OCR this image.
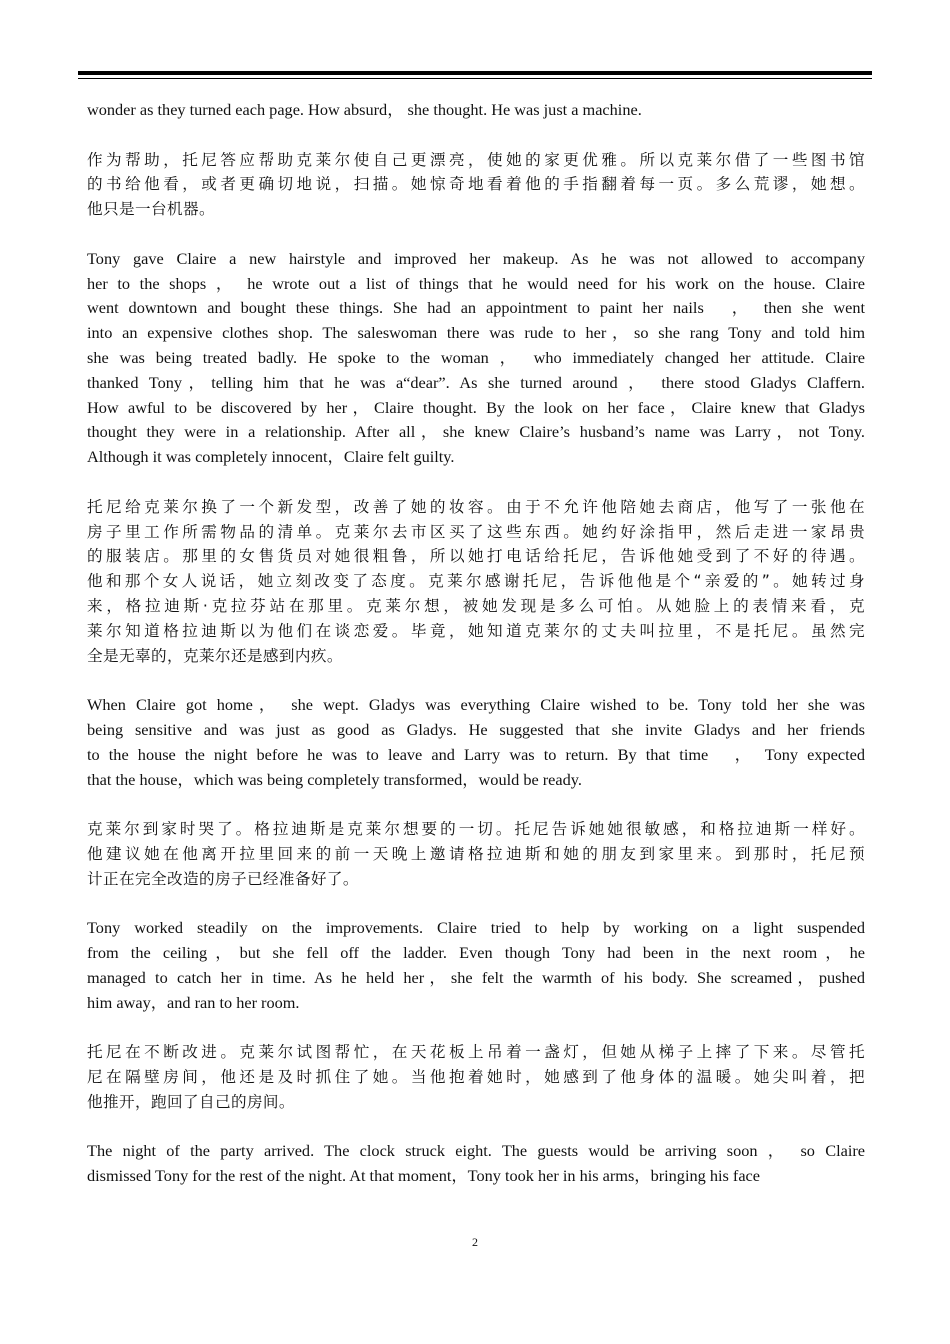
wonder as they turned each page. How absurd， she thought. He was just a machine.
作为帮助，托尼答应帮助克莱尔使自己更漂亮，使她的家更优雅。所以克莱尔借了一些图书馆
的书给他看，或者更确切地说，扫描。她惊奇地看着他的手指翻着每一页。多么荒谬，她想。
他只是一台机器。
Tony gave Claire a new hairstyle and improved her makeup. As he was not allowed to accompany
her to the shops ， he wrote out a list of things that he would need for his work on the house. Claire
went downtown and bought these things. She had an appointment to paint her nails　， then she went
into an expensive clothes shop. The saleswoman there was rude to her，so she rang Tony and told him
she was being treated badly. He spoke to the woman ， who immediately changed her attitude. Claire
thanked Tony，telling him that he was a“dear”. As she turned around ， there stood Gladys Claffern.
How awful to be discovered by her，Claire thought. By the look on her face，Claire knew that Gladys
thought they were in a relationship. After all，she knew Claire’s husband’s name was Larry，not Tony.
Although it was completely innocent，Claire felt guilty.
托尼给克莱尔换了一个新发型，改善了她的妆容。由于不允许他陪她去商店，他写了一张他在
房子里工作所需物品的清单。克莱尔去市区买了这些东西。她约好涂指甲，然后走进一家昂贵
的服装店。那里的女售货员对她很粗鲁，所以她打电话给托尼，告诉他她受到了不好的待遇。
他和那个女人说话，她立刻改变了态度。克莱尔感谢托尼，告诉他他是个“亲爱的”。她转过身
来，格拉迪斯·克拉芬站在那里。克莱尔想，被她发现是多么可怕。从她脸上的表情来看，克
莱尔知道格拉迪斯以为他们在谈恋爱。毕竟，她知道克莱尔的丈夫叫拉里，不是托尼。虽然完
全是无辜的，克莱尔还是感到内疚。
When Claire got home， she wept. Gladys was everything Claire wished to be. Tony told her she was
being sensitive and was just as good as Gladys. He suggested that she invite Gladys and her friends
to the house the night before he was to leave and Larry was to return. By that time　， Tony expected
that the house，which was being completely transformed，would be ready.
克莱尔到家时哭了。格拉迪斯是克莱尔想要的一切。托尼告诉她她很敏感，和格拉迪斯一样好。
他建议她在他离开拉里回来的前一天晚上邀请格拉迪斯和她的朋友到家里来。到那时，托尼预
计正在完全改造的房子已经准备好了。
Tony worked steadily on the improvements. Claire tried to help by working on a light suspended
from the ceiling，but she fell off the ladder. Even though Tony had been in the next room，he
managed to catch her in time. As he held her，she felt the warmth of his body. She screamed，pushed
him away，and ran to her room.
托尼在不断改进。克莱尔试图帮忙，在天花板上吊着一盏灯，但她从梯子上摔了下来。尽管托
尼在隔壁房间，他还是及时抓住了她。当他抱着她时，她感到了他身体的温暖。她尖叫着，把
他推开，跑回了自己的房间。
The night of the party arrived. The clock struck eight. The guests would be arriving soon ， so Claire
dismissed Tony for the rest of the night. At that moment，Tony took her in his arms，bringing his face
2
